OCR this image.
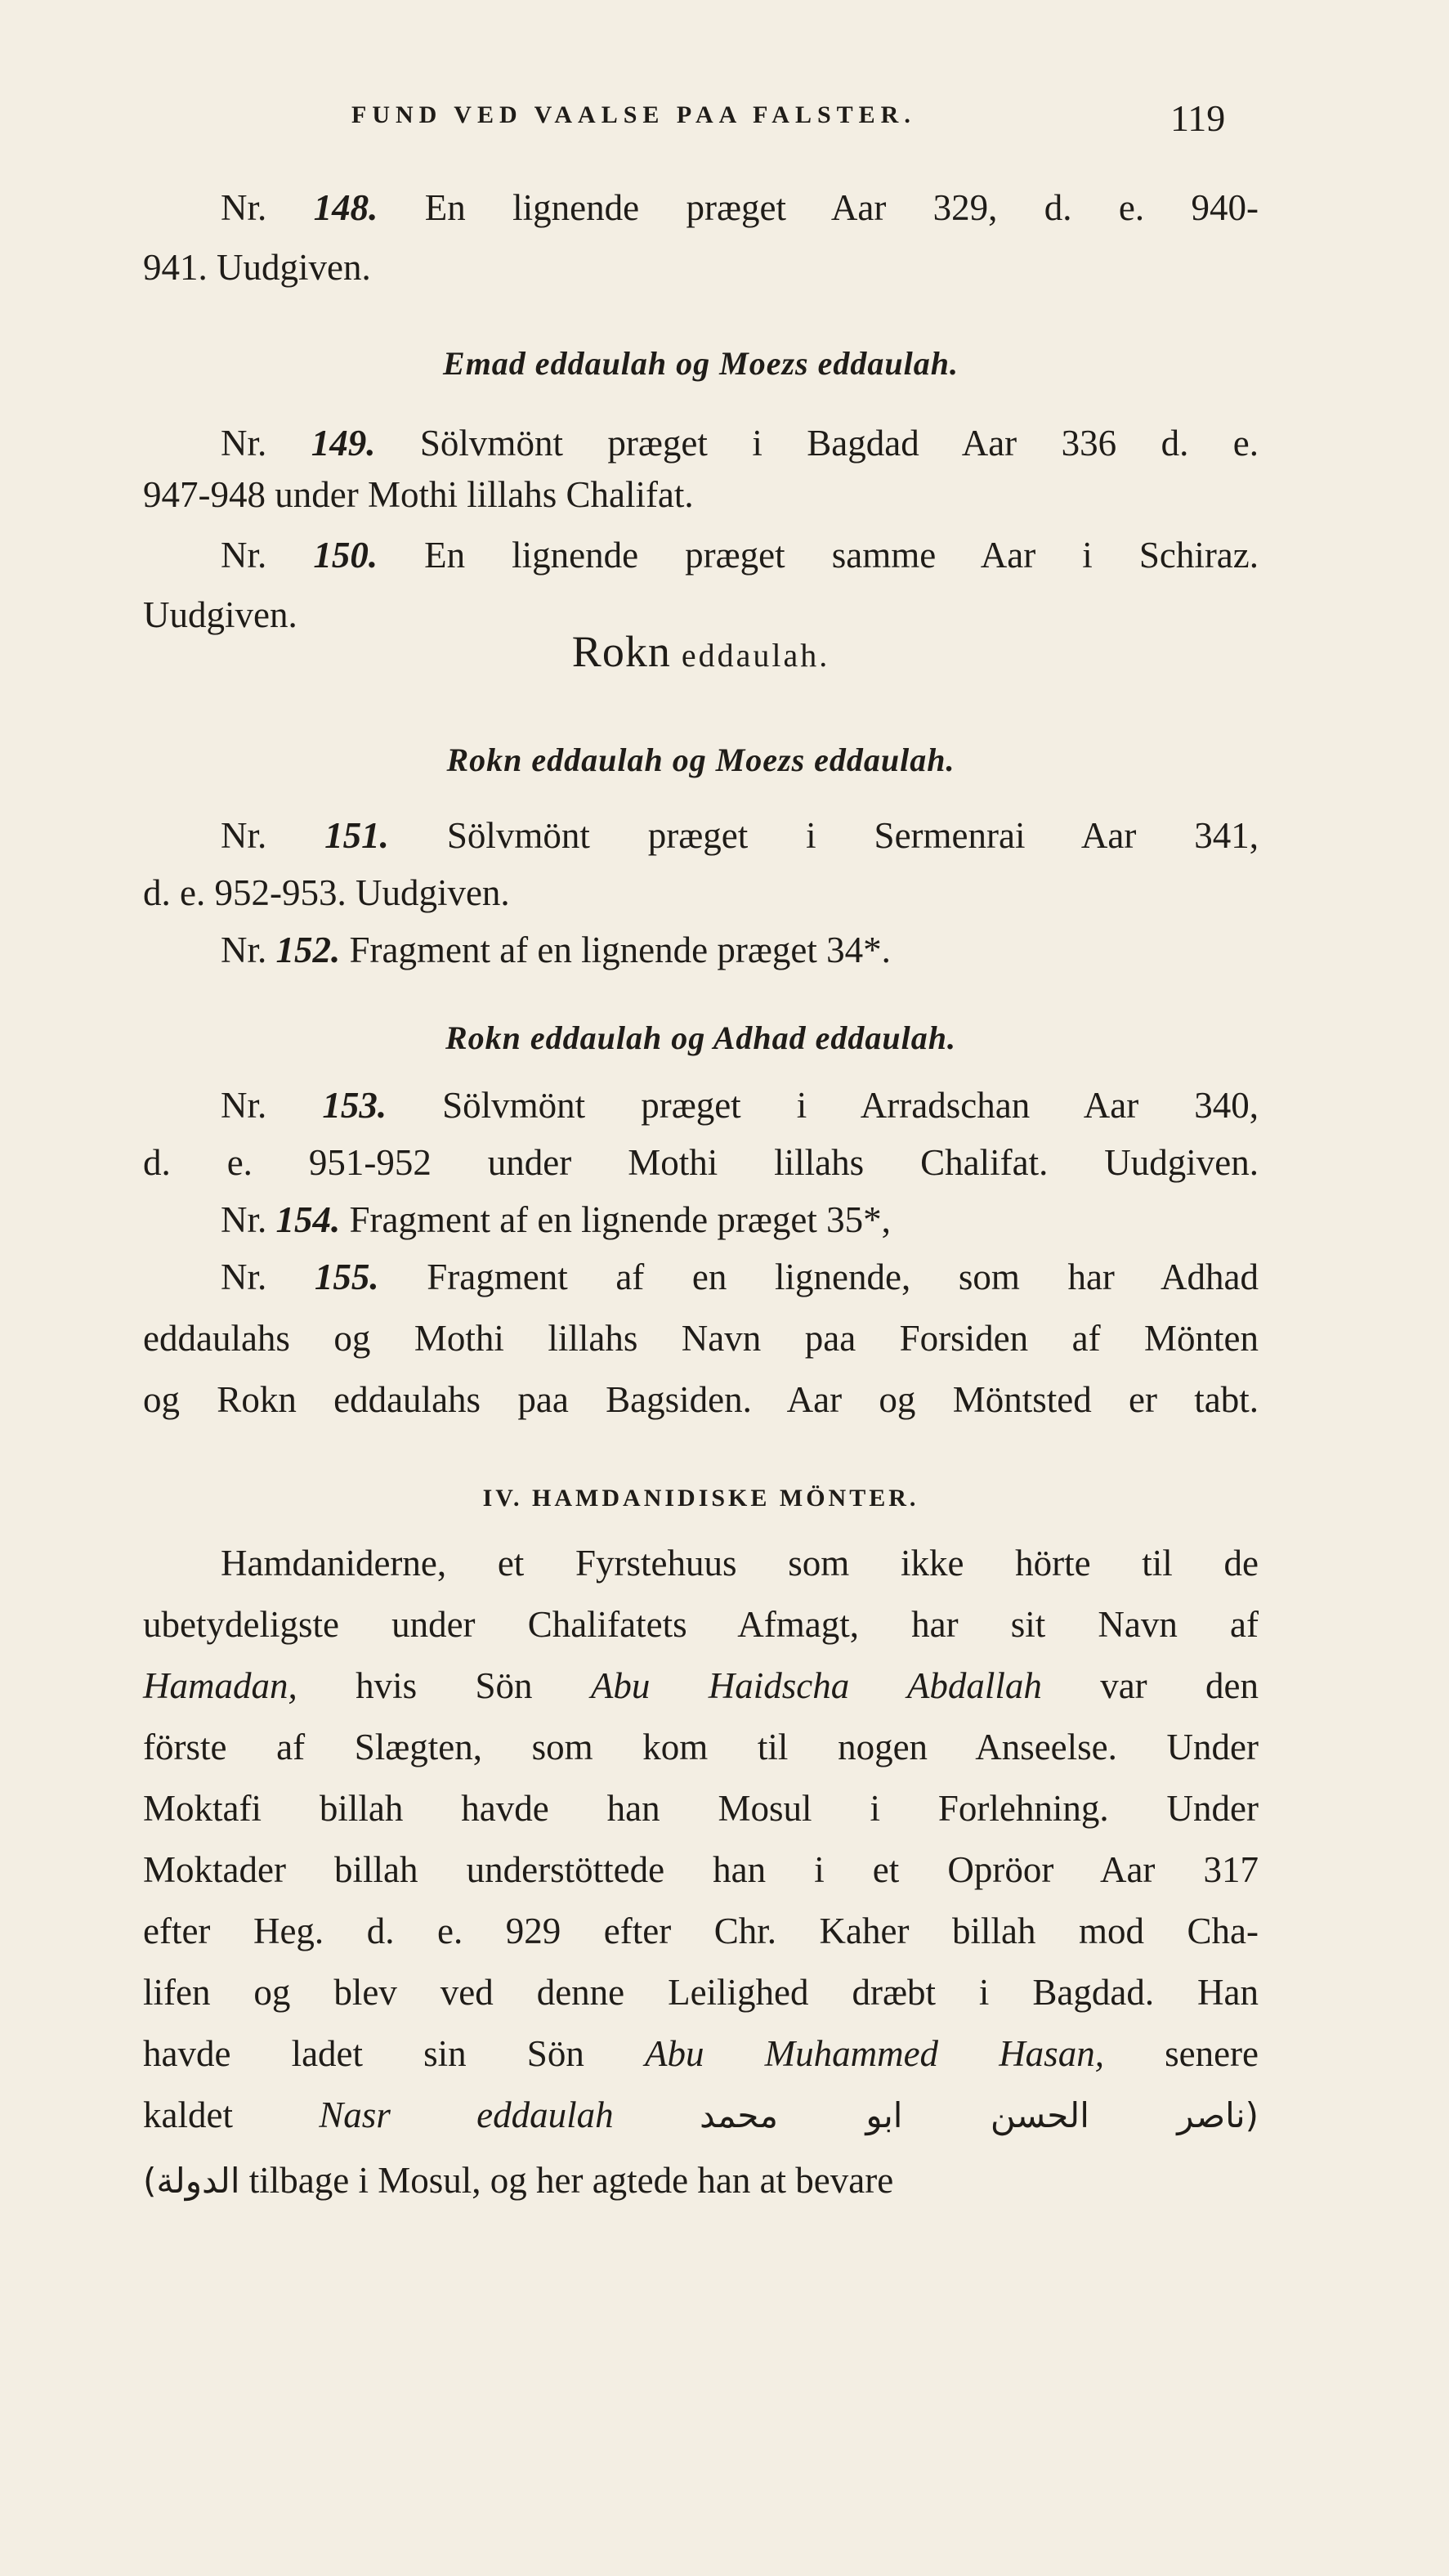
FUND VED VAALSE PAA FALSTER.	119
Nr. 148. En lignende præget Aar 329, d. e. 940-
941. Uudgiven.
Emad eddaulah og Moezs eddaulah.
Nr. 149. Sölvmönt præget i Bagdad Aar 336 d. e.
947-948 under Mothi lillahs Chalifat.
Nr. 150. En lignende præget samme Aar i Schiraz.
Uudgiven.
Rokn eddaulah.
Rokn eddaulah og Moezs eddaulah.
Nr. 151. Sölvmönt præget i Sermenrai Aar 341,
d. e. 952-953. Uudgiven.
Nr. 152. Fragment af en lignende præget 34*.
Rokn eddaulah og Adhad eddaulah.
Nr. 153. Sölvmönt præget i Arradschan Aar 340,
d. e. 951-952 under Mothi lillahs Chalifat. Uudgiven.
Nr. 154. Fragment af en lignende præget 35*,
Nr. 155. Fragment af en lignende, som har Adhad
eddaulahs og Mothi lillahs Navn paa Forsiden af Mönten
og Rokn eddaulahs paa Bagsiden. Aar og Möntsted er tabt.
IV. HAMDANIDISKE MÖNTER.
Hamdaniderne, et Fyrstehuus som ikke hörte til de
ubetydeligste under Chalifatets Afmagt, har sit Navn af
Hamadan, hvis Sön Abu Haidscha Abdallah var den
förste af Slægten, som kom til nogen Anseelse. Under
Moktafi billah havde han Mosul i Forlehning. Under
Moktader billah understöttede han i et Opröor Aar 317
efter Heg. d. e. 929 efter Chr. Kaher billah mod Cha-
lifen og blev ved denne Leilighed dræbt i Bagdad. Han
havde ladet sin Sön Abu Muhammed Hasan, senere
kaldet Nasr eddaulah	(ناصر الحسن ابو محمد
الدولة) tilbage i Mosul, og her agtede han at bevare
